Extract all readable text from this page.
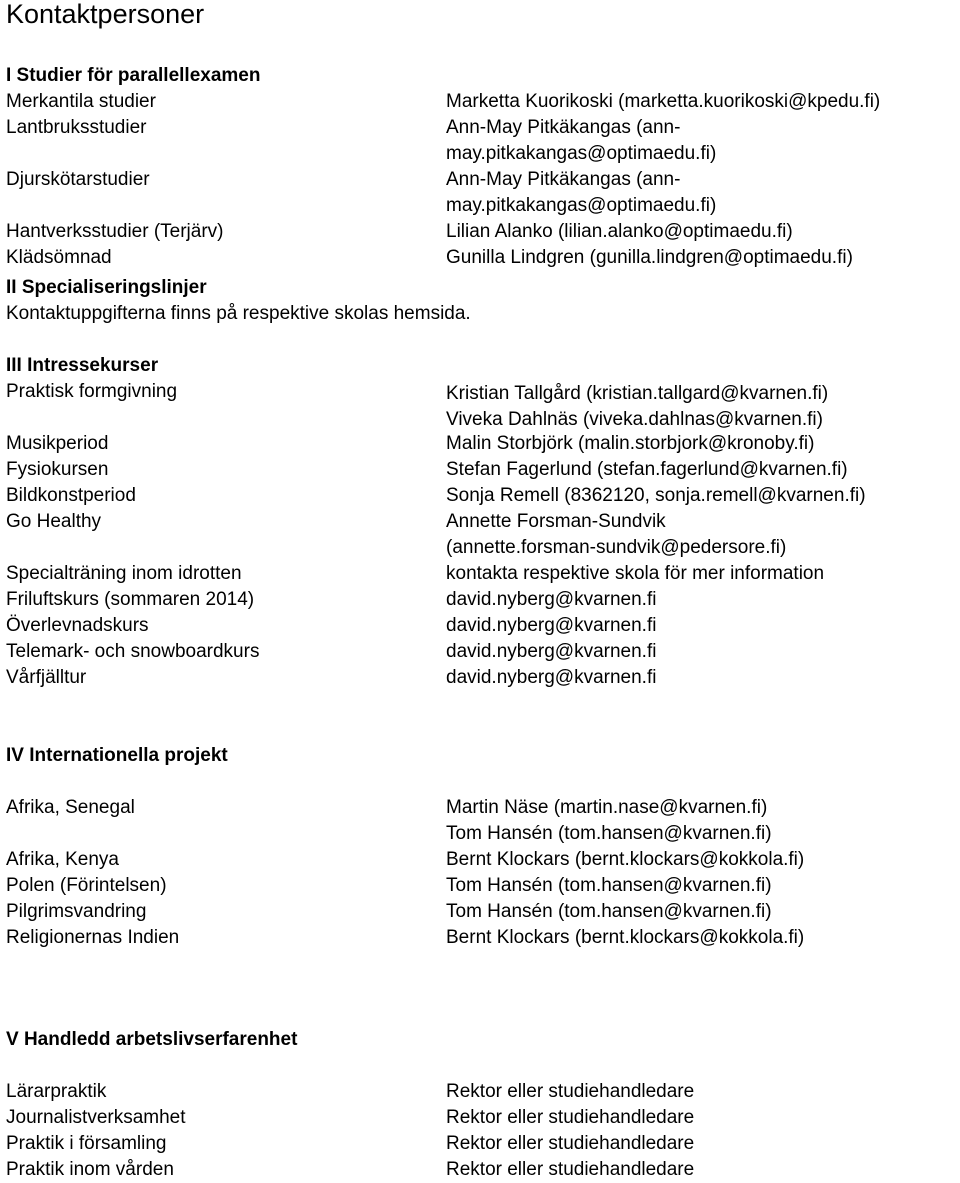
Kontaktpersoner
I Studier för parallellexamen
Merkantila studier	Marketta Kuorikoski (marketta.kuorikoski@kpedu.fi)
Lantbruksstudier	Ann-May Pitkäkangas (ann-
may.pitkakangas@optimaedu.fi)
Djurskötarstudier	Ann-May Pitkäkangas (ann-
may.pitkakangas@optimaedu.fi)
Hantverksstudier (Terjärv)	Lilian Alanko (lilian.alanko@optimaedu.fi)
Klädsömnad	Gunilla Lindgren (gunilla.lindgren@optimaedu.fi)
II Specialiseringslinjer
Kontaktuppgifterna finns på respektive skolas hemsida.
III Intressekurser
Praktisk formgivning	Kristian Tallgård (kristian.tallgard@kvarnen.fi)
Viveka Dahlnäs (viveka.dahlnas@kvarnen.fi)
Musikperiod	Malin Storbjörk (malin.storbjork@kronoby.fi)
Fysiokursen	Stefan Fagerlund (stefan.fagerlund@kvarnen.fi)
Bildkonstperiod	Sonja Remell (8362120, sonja.remell@kvarnen.fi)
Go Healthy	Annette Forsman-Sundvik
(annette.forsman-sundvik@pedersore.fi)
Specialträning inom idrotten	kontakta respektive skola för mer information
Friluftskurs (sommaren 2014)	david.nyberg@kvarnen.fi
Överlevnadskurs	david.nyberg@kvarnen.fi
Telemark- och snowboardkurs	david.nyberg@kvarnen.fi
Vårfjälltur	david.nyberg@kvarnen.fi
IV Internationella projekt
Afrika, Senegal	Martin Näse (martin.nase@kvarnen.fi)
Tom Hansén (tom.hansen@kvarnen.fi)
Afrika, Kenya	Bernt Klockars (bernt.klockars@kokkola.fi)
Polen (Förintelsen)	Tom Hansén (tom.hansen@kvarnen.fi)
Pilgrimsvandring	Tom Hansén (tom.hansen@kvarnen.fi)
Religionernas Indien	Bernt Klockars (bernt.klockars@kokkola.fi)
V Handledd arbetslivserfarenhet
Lärarpraktik	Rektor eller studiehandledare
Journalistverksamhet	Rektor eller studiehandledare
Praktik i församling	Rektor eller studiehandledare
Praktik inom vården	Rektor eller studiehandledare
